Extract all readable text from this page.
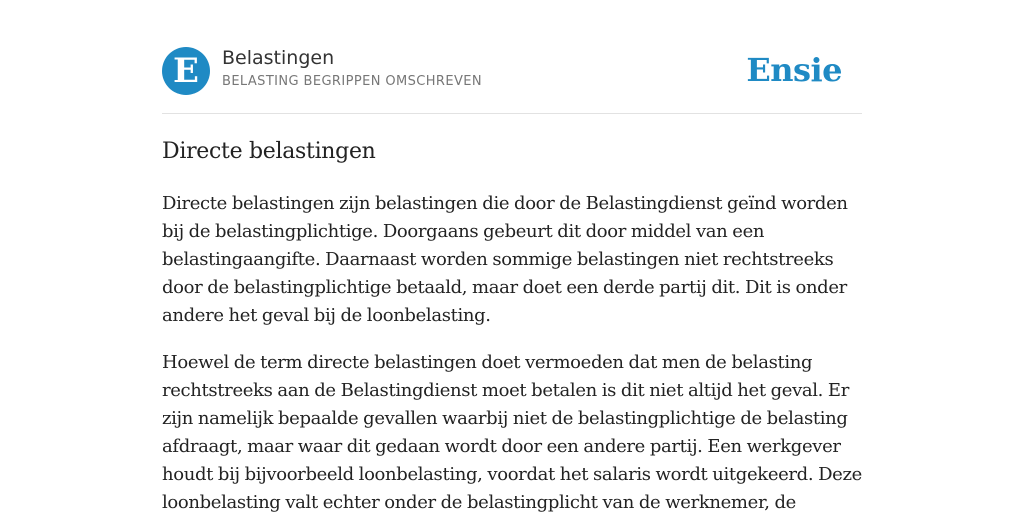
E	Belastingen
BELASTING BEGRIPPEN OMSCHREVEN	Ensie
Directe belastingen

Directe belastingen zijn belastingen die door de Belastingdienst geïnd worden bij de belastingplichtige. Doorgaans gebeurt dit door middel van een belastingaangifte. Daarnaast worden sommige belastingen niet rechtstreeks door de belastingplichtige betaald, maar doet een derde partij dit. Dit is onder andere het geval bij de loonbelasting.

Hoewel de term directe belastingen doet vermoeden dat men de belasting rechtstreeks aan de Belastingdienst moet betalen is dit niet altijd het geval. Er zijn namelijk bepaalde gevallen waarbij niet de belastingplichtige de belasting afdraagt, maar waar dit gedaan wordt door een andere partij. Een werkgever houdt bij bijvoorbeeld loonbelasting, voordat het salaris wordt uitgekeerd. Deze loonbelasting valt echter onder de belastingplicht van de werknemer, de
